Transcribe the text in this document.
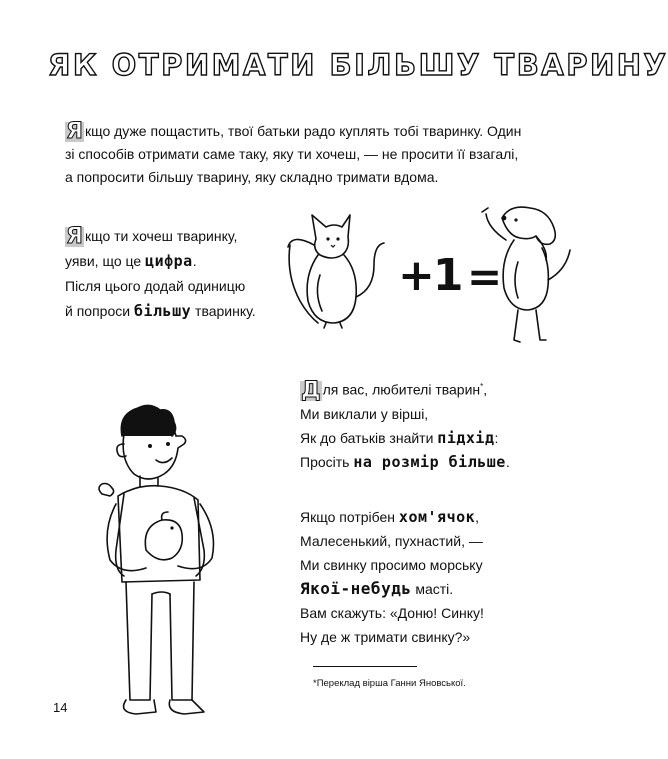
ЯК ОТРИМАТИ БІЛЬШУ ТВАРИНУ
Я кщо дуже пощастить, твої батьки радо куплять тобі тваринку. Один
зі способів отримати саме таку, яку ти хочеш, — не просити її взагалі,
а попросити більшу тварину, яку складно тримати вдома.
Я кщо ти хочеш тваринку,
уяви, що це цифра.
Після цього додай одиницю
й попроси більшу тваринку.
+1 =
Д ля вас, любителі тварин*,
Ми виклали у вірші,
Як до батьків знайти підхід:
Просіть на розмір більше.
Якщо потрібен хом'ячок,
Малесенький, пухнастий, —
Ми свинку просимо морську
Якої-небудь масті.
Вам скажуть: «Доню! Синку!
Ну де ж тримати свинку?»
*Переклад вірша Ганни Яновської.
14
